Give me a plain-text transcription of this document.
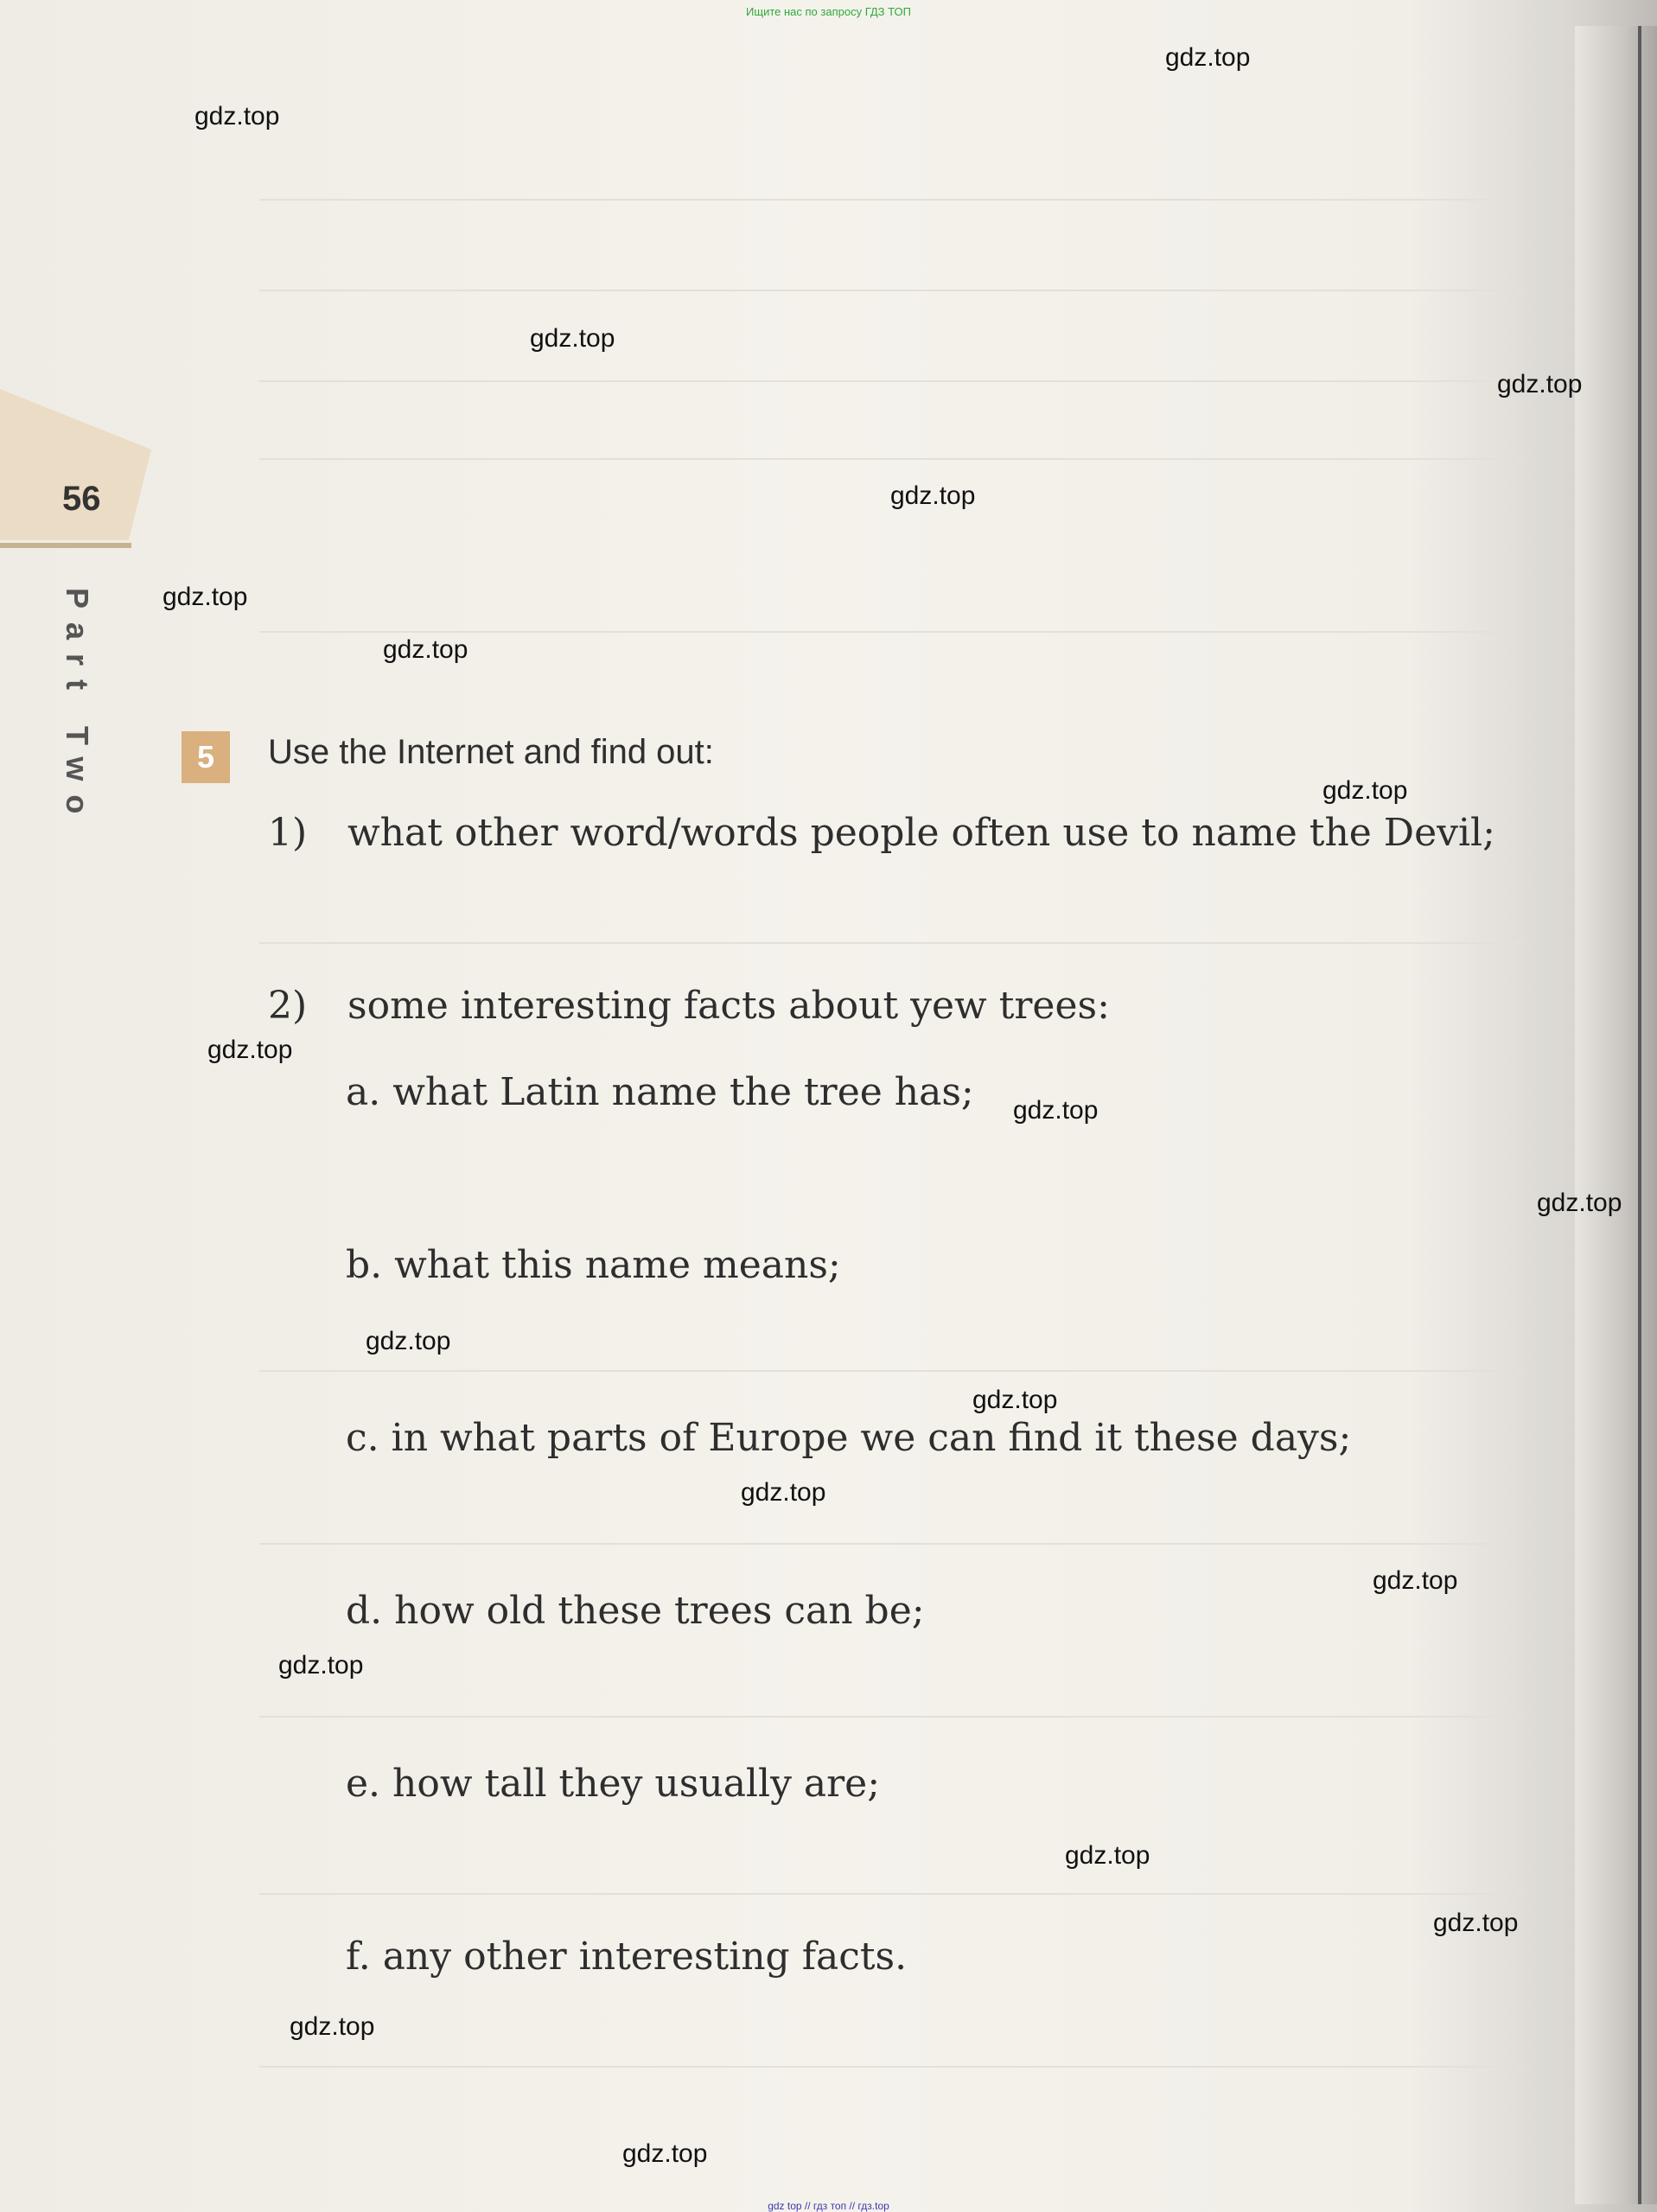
Ищите нас по запросу ГДЗ ТОП
56
Part Two	5	Use the Internet and find out:
1) what other word/words people often use to name the Devil;
2) some interesting facts about yew trees:
a. what Latin name the tree has;
b. what this name means;
c. in what parts of Europe we can find it these days;
d. how old these trees can be;
e. how tall they usually are;
f. any other interesting facts.
gdz.top
gdz.top
gdz.top
gdz.top
gdz.top
gdz.top
gdz.top
gdz.top
gdz.top
gdz.top
gdz.top
gdz.top
gdz.top
gdz.top
gdz.top
gdz.top
gdz.top
gdz.top
gdz.top
gdz.top
gdz top // гдз топ // гдз.top
